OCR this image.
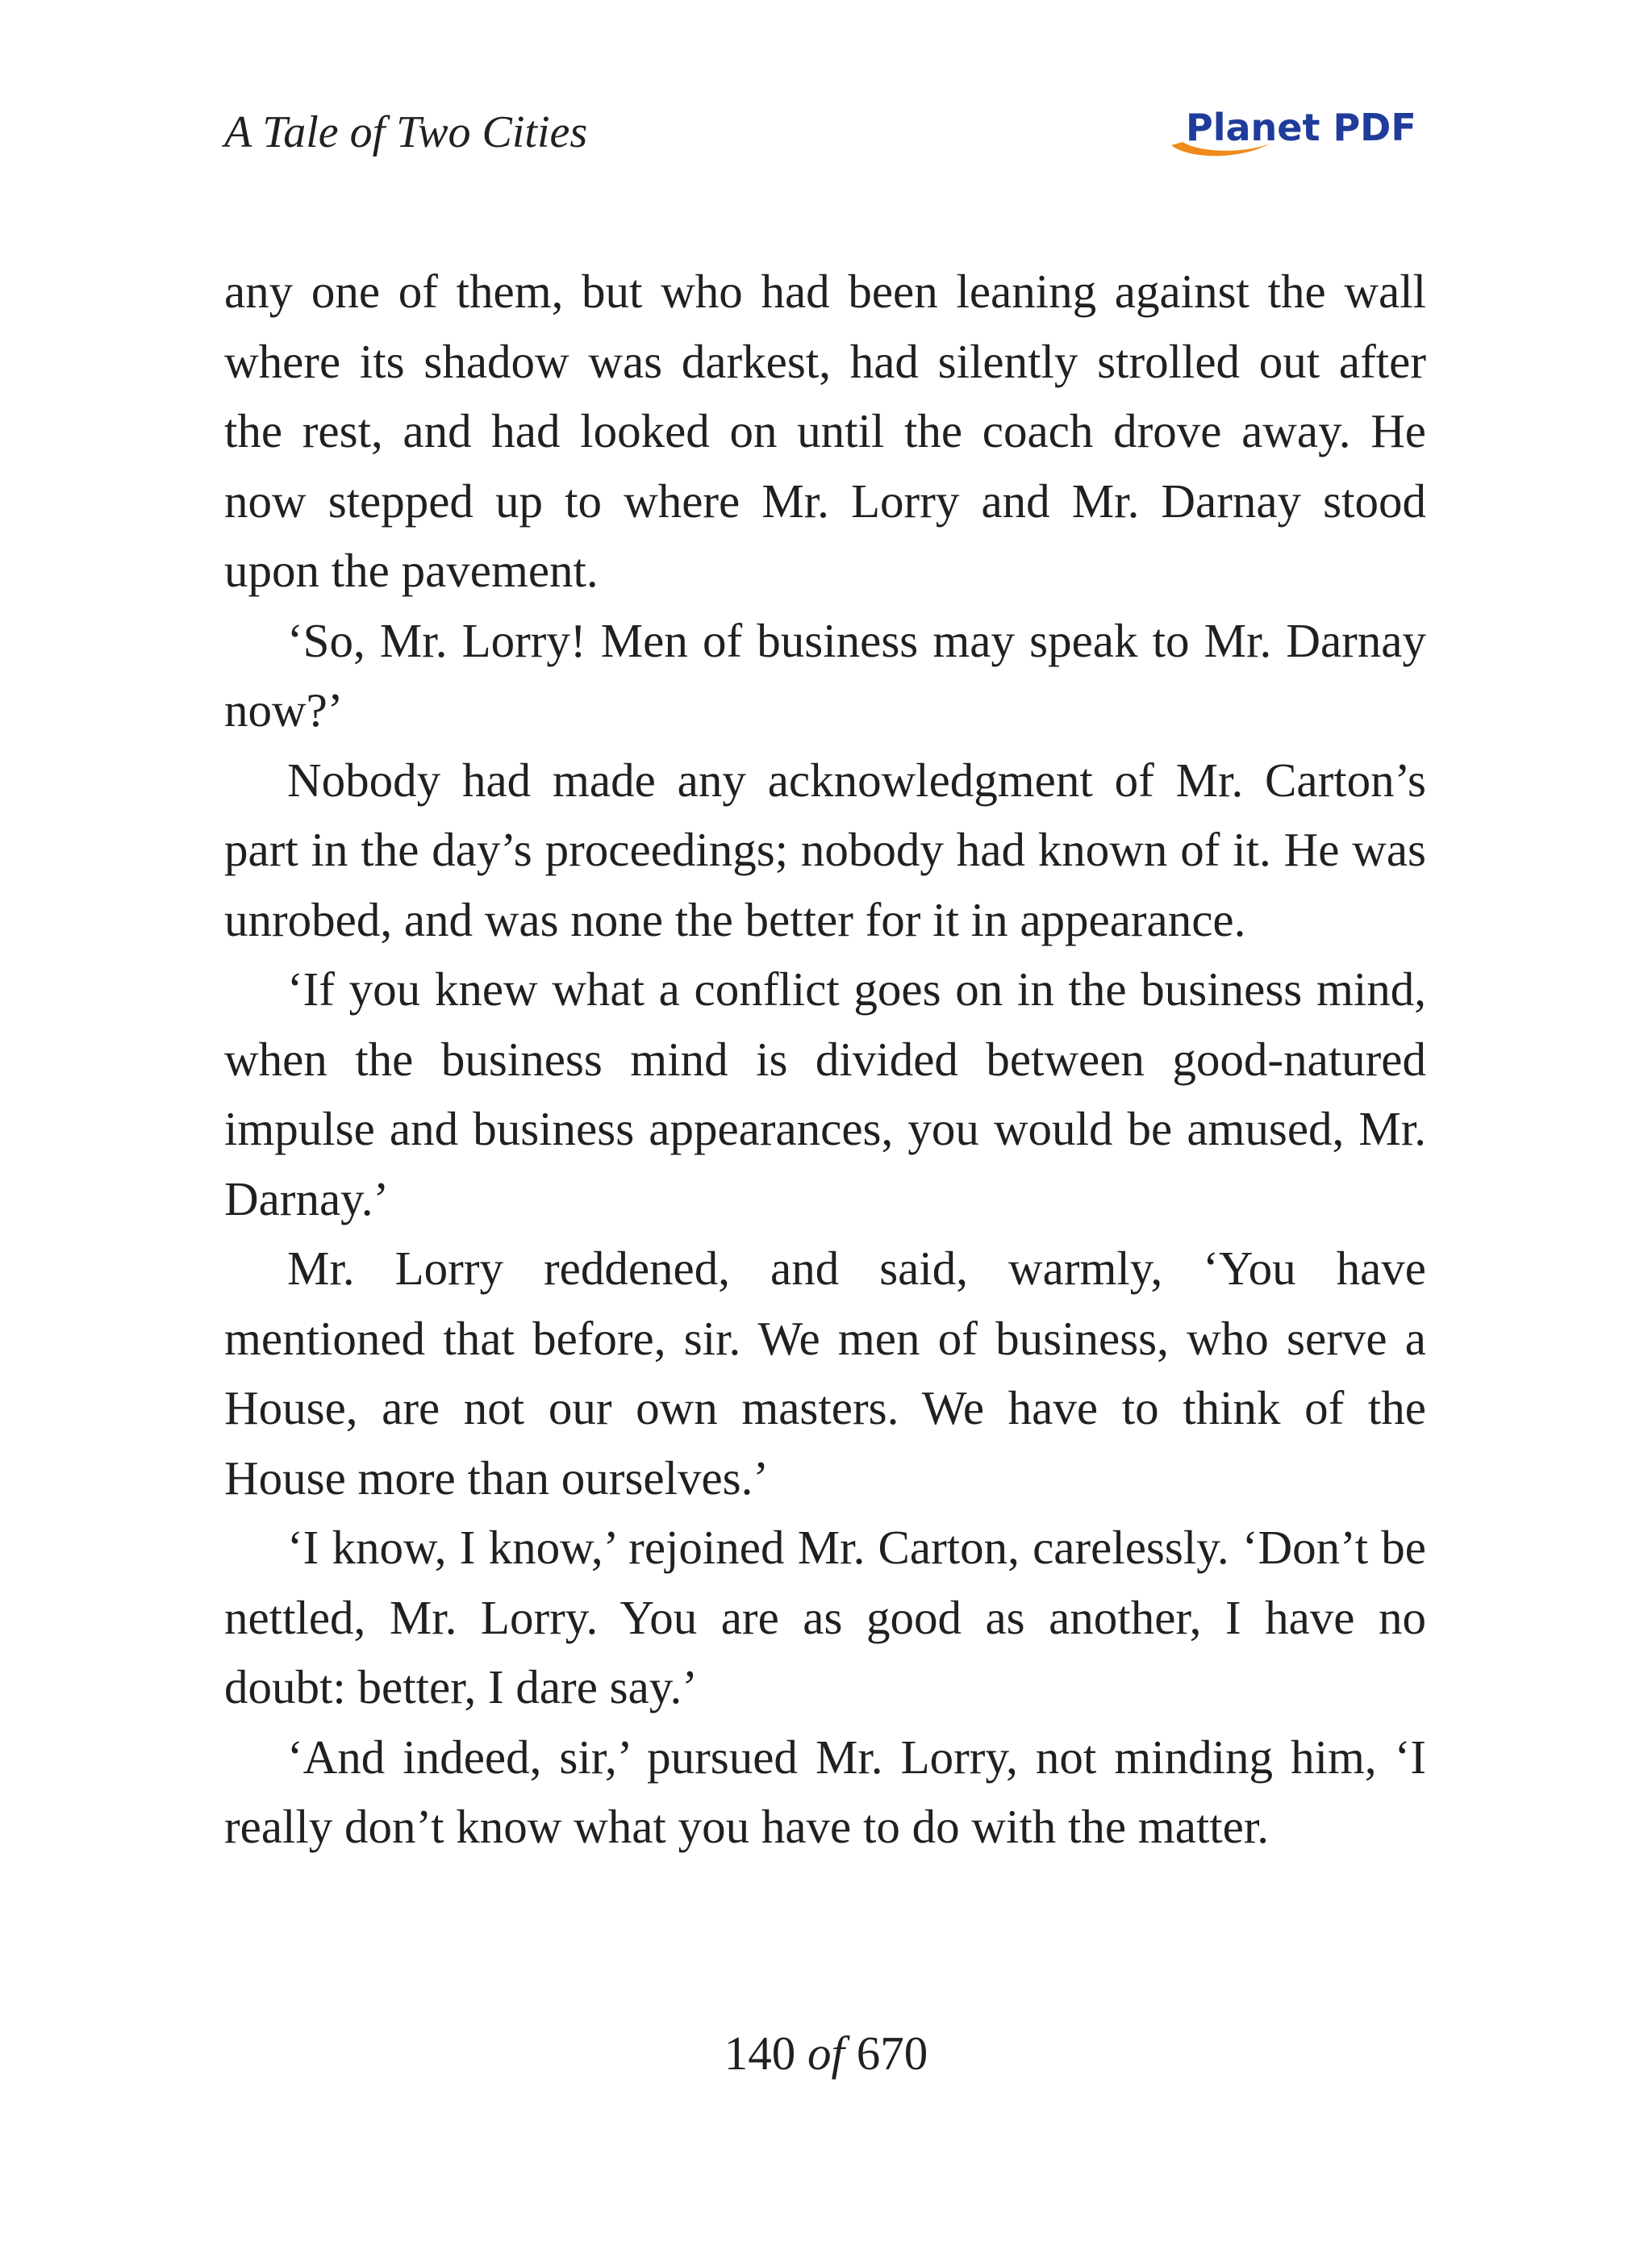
A Tale of Two Cities	Planet PDF

any one of them, but who had been leaning against the wall where its shadow was darkest, had silently strolled out after the rest, and had looked on until the coach drove away. He now stepped up to where Mr. Lorry and Mr. Darnay stood upon the pavement.

‘So, Mr. Lorry! Men of business may speak to Mr. Darnay now?’

Nobody had made any acknowledgment of Mr. Carton’s part in the day’s proceedings; nobody had known of it. He was unrobed, and was none the better for it in appearance.

‘If you knew what a conflict goes on in the business mind, when the business mind is divided between good-natured impulse and business appearances, you would be amused, Mr. Darnay.’

Mr. Lorry reddened, and said, warmly, ‘You have mentioned that before, sir. We men of business, who serve a House, are not our own masters. We have to think of the House more than ourselves.’

‘I know, I know,’ rejoined Mr. Carton, carelessly. ‘Don’t be nettled, Mr. Lorry. You are as good as another, I have no doubt: better, I dare say.’

‘And indeed, sir,’ pursued Mr. Lorry, not minding him, ‘I really don’t know what you have to do with the matter.

140 of 670
